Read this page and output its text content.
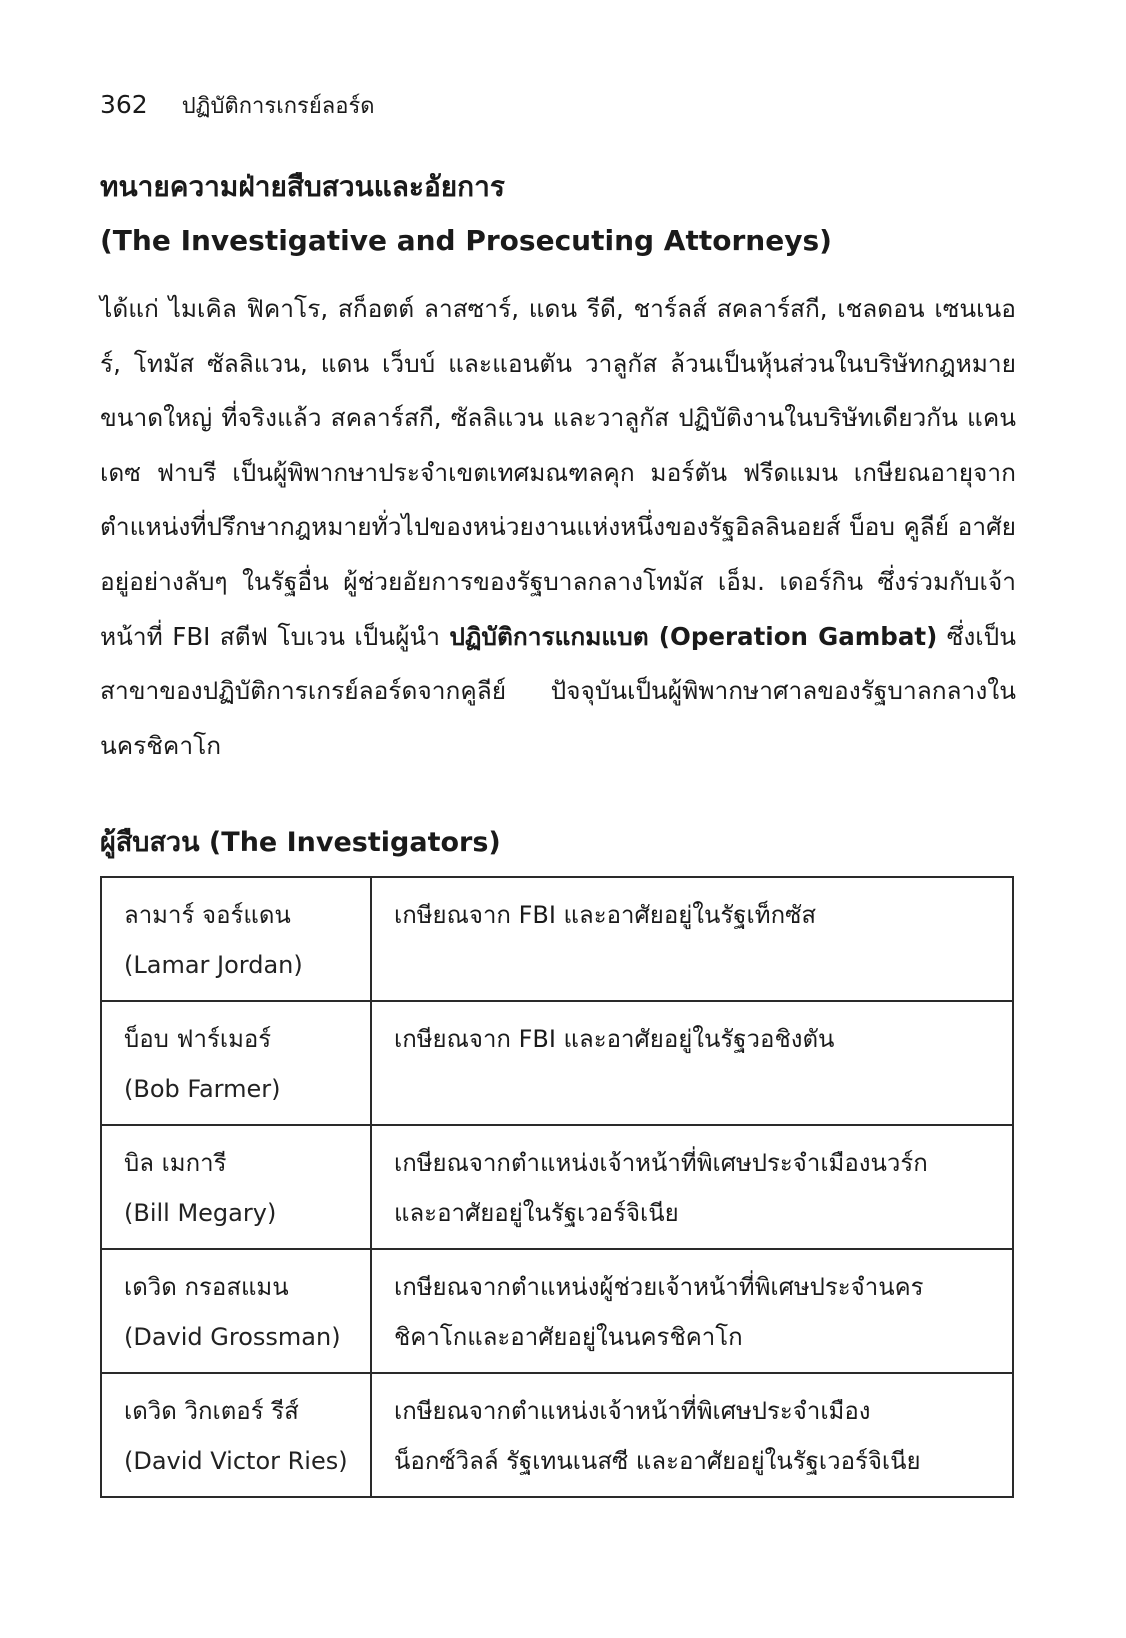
362 ปฏิบัติการเกรย์ลอร์ด
ทนายความฝ่ายสืบสวนและอัยการ
(The Investigative and Prosecuting Attorneys)

ได้แก่ ไมเคิล ฟิคาโร, สก็อตต์ ลาสซาร์, แดน รีดี, ชาร์ลส์ สคลาร์สกี, เชลดอน เซนเนอร์, โทมัส ซัลลิแวน, แดน เว็บบ์ และแอนตัน วาลูกัส ล้วนเป็นหุ้นส่วนในบริษัทกฎหมายขนาดใหญ่ ที่จริงแล้ว สคลาร์สกี, ซัลลิแวน และวาลูกัส ปฏิบัติงานในบริษัทเดียวกัน แคนเดซ ฟาบรี เป็นผู้พิพากษาประจำเขตเทศมณฑลคุก มอร์ตัน ฟรีดแมน เกษียณอายุจากตำแหน่งที่ปรึกษากฎหมายทั่วไปของหน่วยงานแห่งหนึ่งของรัฐอิลลินอยส์ บ็อบ คูลีย์ อาศัยอยู่อย่างลับๆ ในรัฐอื่น ผู้ช่วยอัยการของรัฐบาลกลางโทมัส เอ็ม. เดอร์กิน ซึ่งร่วมกับเจ้าหน้าที่ FBI สตีฟ โบเวน เป็นผู้นำ ปฏิบัติการแกมแบต (Operation Gambat) ซึ่งเป็นสาขาของปฏิบัติการเกรย์ลอร์ดจากคูลีย์ ปัจจุบันเป็นผู้พิพากษาศาลของรัฐบาลกลางในนครชิคาโก

ผู้สืบสวน (The Investigators)
ลามาร์ จอร์แดน
(Lamar Jordan)	เกษียณจาก FBI และอาศัยอยู่ในรัฐเท็กซัส

บ็อบ ฟาร์เมอร์
(Bob Farmer)	เกษียณจาก FBI และอาศัยอยู่ในรัฐวอชิงตัน

บิล เมการี
(Bill Megary)	เกษียณจากตำแหน่งเจ้าหน้าที่พิเศษประจำเมืองนวร์ก
และอาศัยอยู่ในรัฐเวอร์จิเนีย

เดวิด กรอสแมน
(David Grossman)	เกษียณจากตำแหน่งผู้ช่วยเจ้าหน้าที่พิเศษประจำนคร
ชิคาโกและอาศัยอยู่ในนครชิคาโก

เดวิด วิกเตอร์ รีส์
(David Victor Ries)	เกษียณจากตำแหน่งเจ้าหน้าที่พิเศษประจำเมือง
น็อกซ์วิลล์ รัฐเทนเนสซี และอาศัยอยู่ในรัฐเวอร์จิเนีย
